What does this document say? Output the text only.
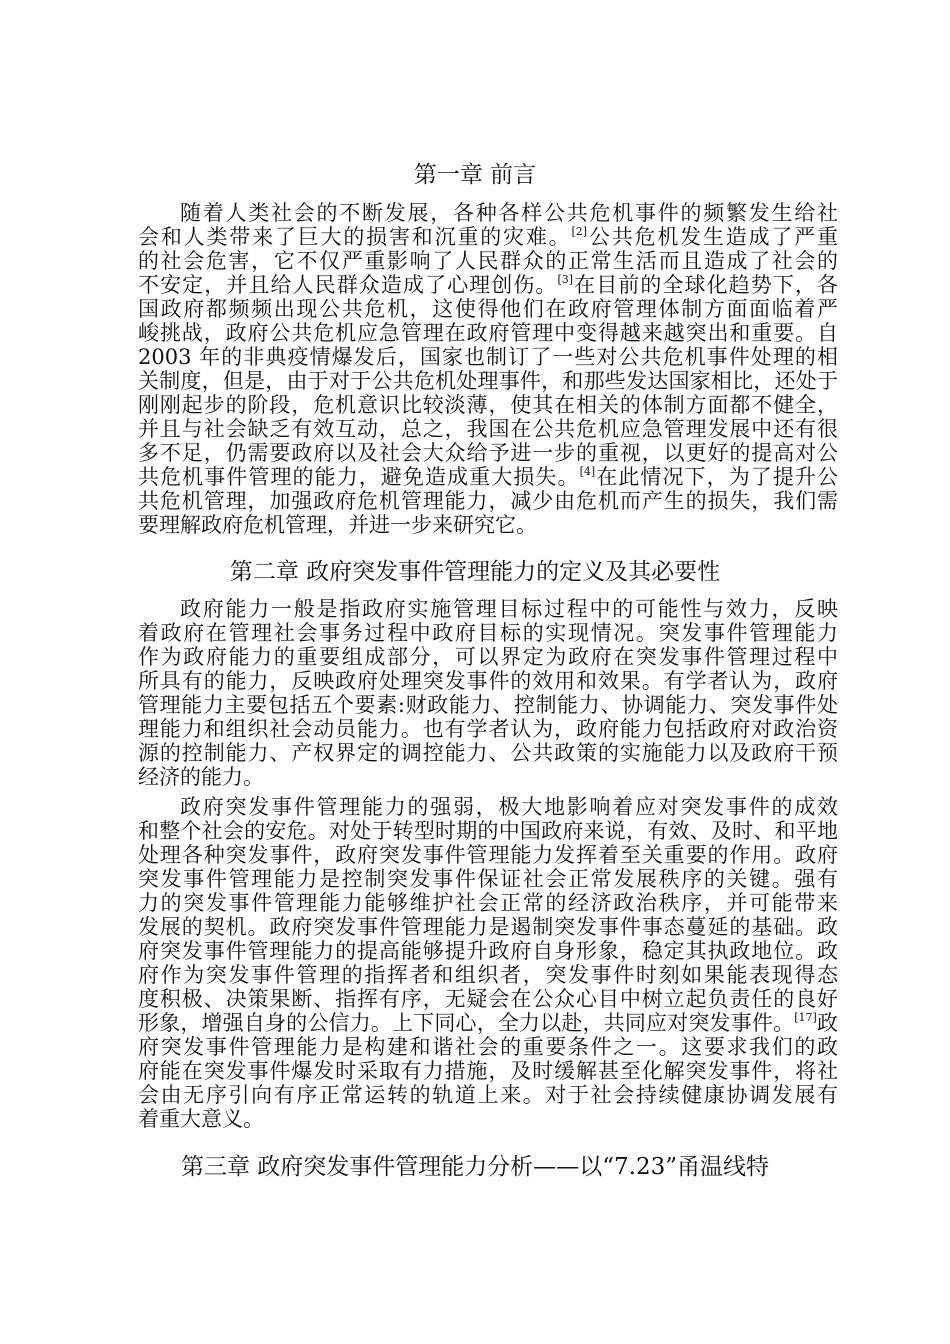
第一章 前言
随着人类社会的不断发展，各种各样公共危机事件的频繁发生给社
会和人类带来了巨大的损害和沉重的灾难。[2]公共危机发生造成了严重
的社会危害，它不仅严重影响了人民群众的正常生活而且造成了社会的
不安定，并且给人民群众造成了心理创伤。[3]在目前的全球化趋势下，各
国政府都频频出现公共危机，这使得他们在政府管理体制方面面临着严
峻挑战，政府公共危机应急管理在政府管理中变得越来越突出和重要。自
2003 年的非典疫情爆发后，国家也制订了一些对公共危机事件处理的相
关制度，但是，由于对于公共危机处理事件，和那些发达国家相比，还处于
刚刚起步的阶段，危机意识比较淡薄，使其在相关的体制方面都不健全，
并且与社会缺乏有效互动，总之，我国在公共危机应急管理发展中还有很
多不足，仍需要政府以及社会大众给予进一步的重视，以更好的提高对公
共危机事件管理的能力，避免造成重大损失。[4]在此情况下，为了提升公
共危机管理，加强政府危机管理能力，减少由危机而产生的损失，我们需
要理解政府危机管理，并进一步来研究它。
第二章 政府突发事件管理能力的定义及其必要性
政府能力一般是指政府实施管理目标过程中的可能性与效力，反映
着政府在管理社会事务过程中政府目标的实现情况。突发事件管理能力
作为政府能力的重要组成部分，可以界定为政府在突发事件管理过程中
所具有的能力，反映政府处理突发事件的效用和效果。有学者认为，政府
管理能力主要包括五个要素:财政能力、控制能力、协调能力、突发事件处
理能力和组织社会动员能力。也有学者认为，政府能力包括政府对政治资
源的控制能力、产权界定的调控能力、公共政策的实施能力以及政府干预
经济的能力。
政府突发事件管理能力的强弱，极大地影响着应对突发事件的成效
和整个社会的安危。对处于转型时期的中国政府来说，有效、及时、和平地
处理各种突发事件，政府突发事件管理能力发挥着至关重要的作用。政府
突发事件管理能力是控制突发事件保证社会正常发展秩序的关键。强有
力的突发事件管理能力能够维护社会正常的经济政治秩序，并可能带来
发展的契机。政府突发事件管理能力是遏制突发事件事态蔓延的基础。政
府突发事件管理能力的提高能够提升政府自身形象，稳定其执政地位。政
府作为突发事件管理的指挥者和组织者，突发事件时刻如果能表现得态
度积极、决策果断、指挥有序，无疑会在公众心目中树立起负责任的良好
形象，增强自身的公信力。上下同心，全力以赴，共同应对突发事件。[17]政
府突发事件管理能力是构建和谐社会的重要条件之一。这要求我们的政
府能在突发事件爆发时采取有力措施，及时缓解甚至化解突发事件，将社
会由无序引向有序正常运转的轨道上来。对于社会持续健康协调发展有
着重大意义。
第三章 政府突发事件管理能力分析——以“7.23”甬温线特
